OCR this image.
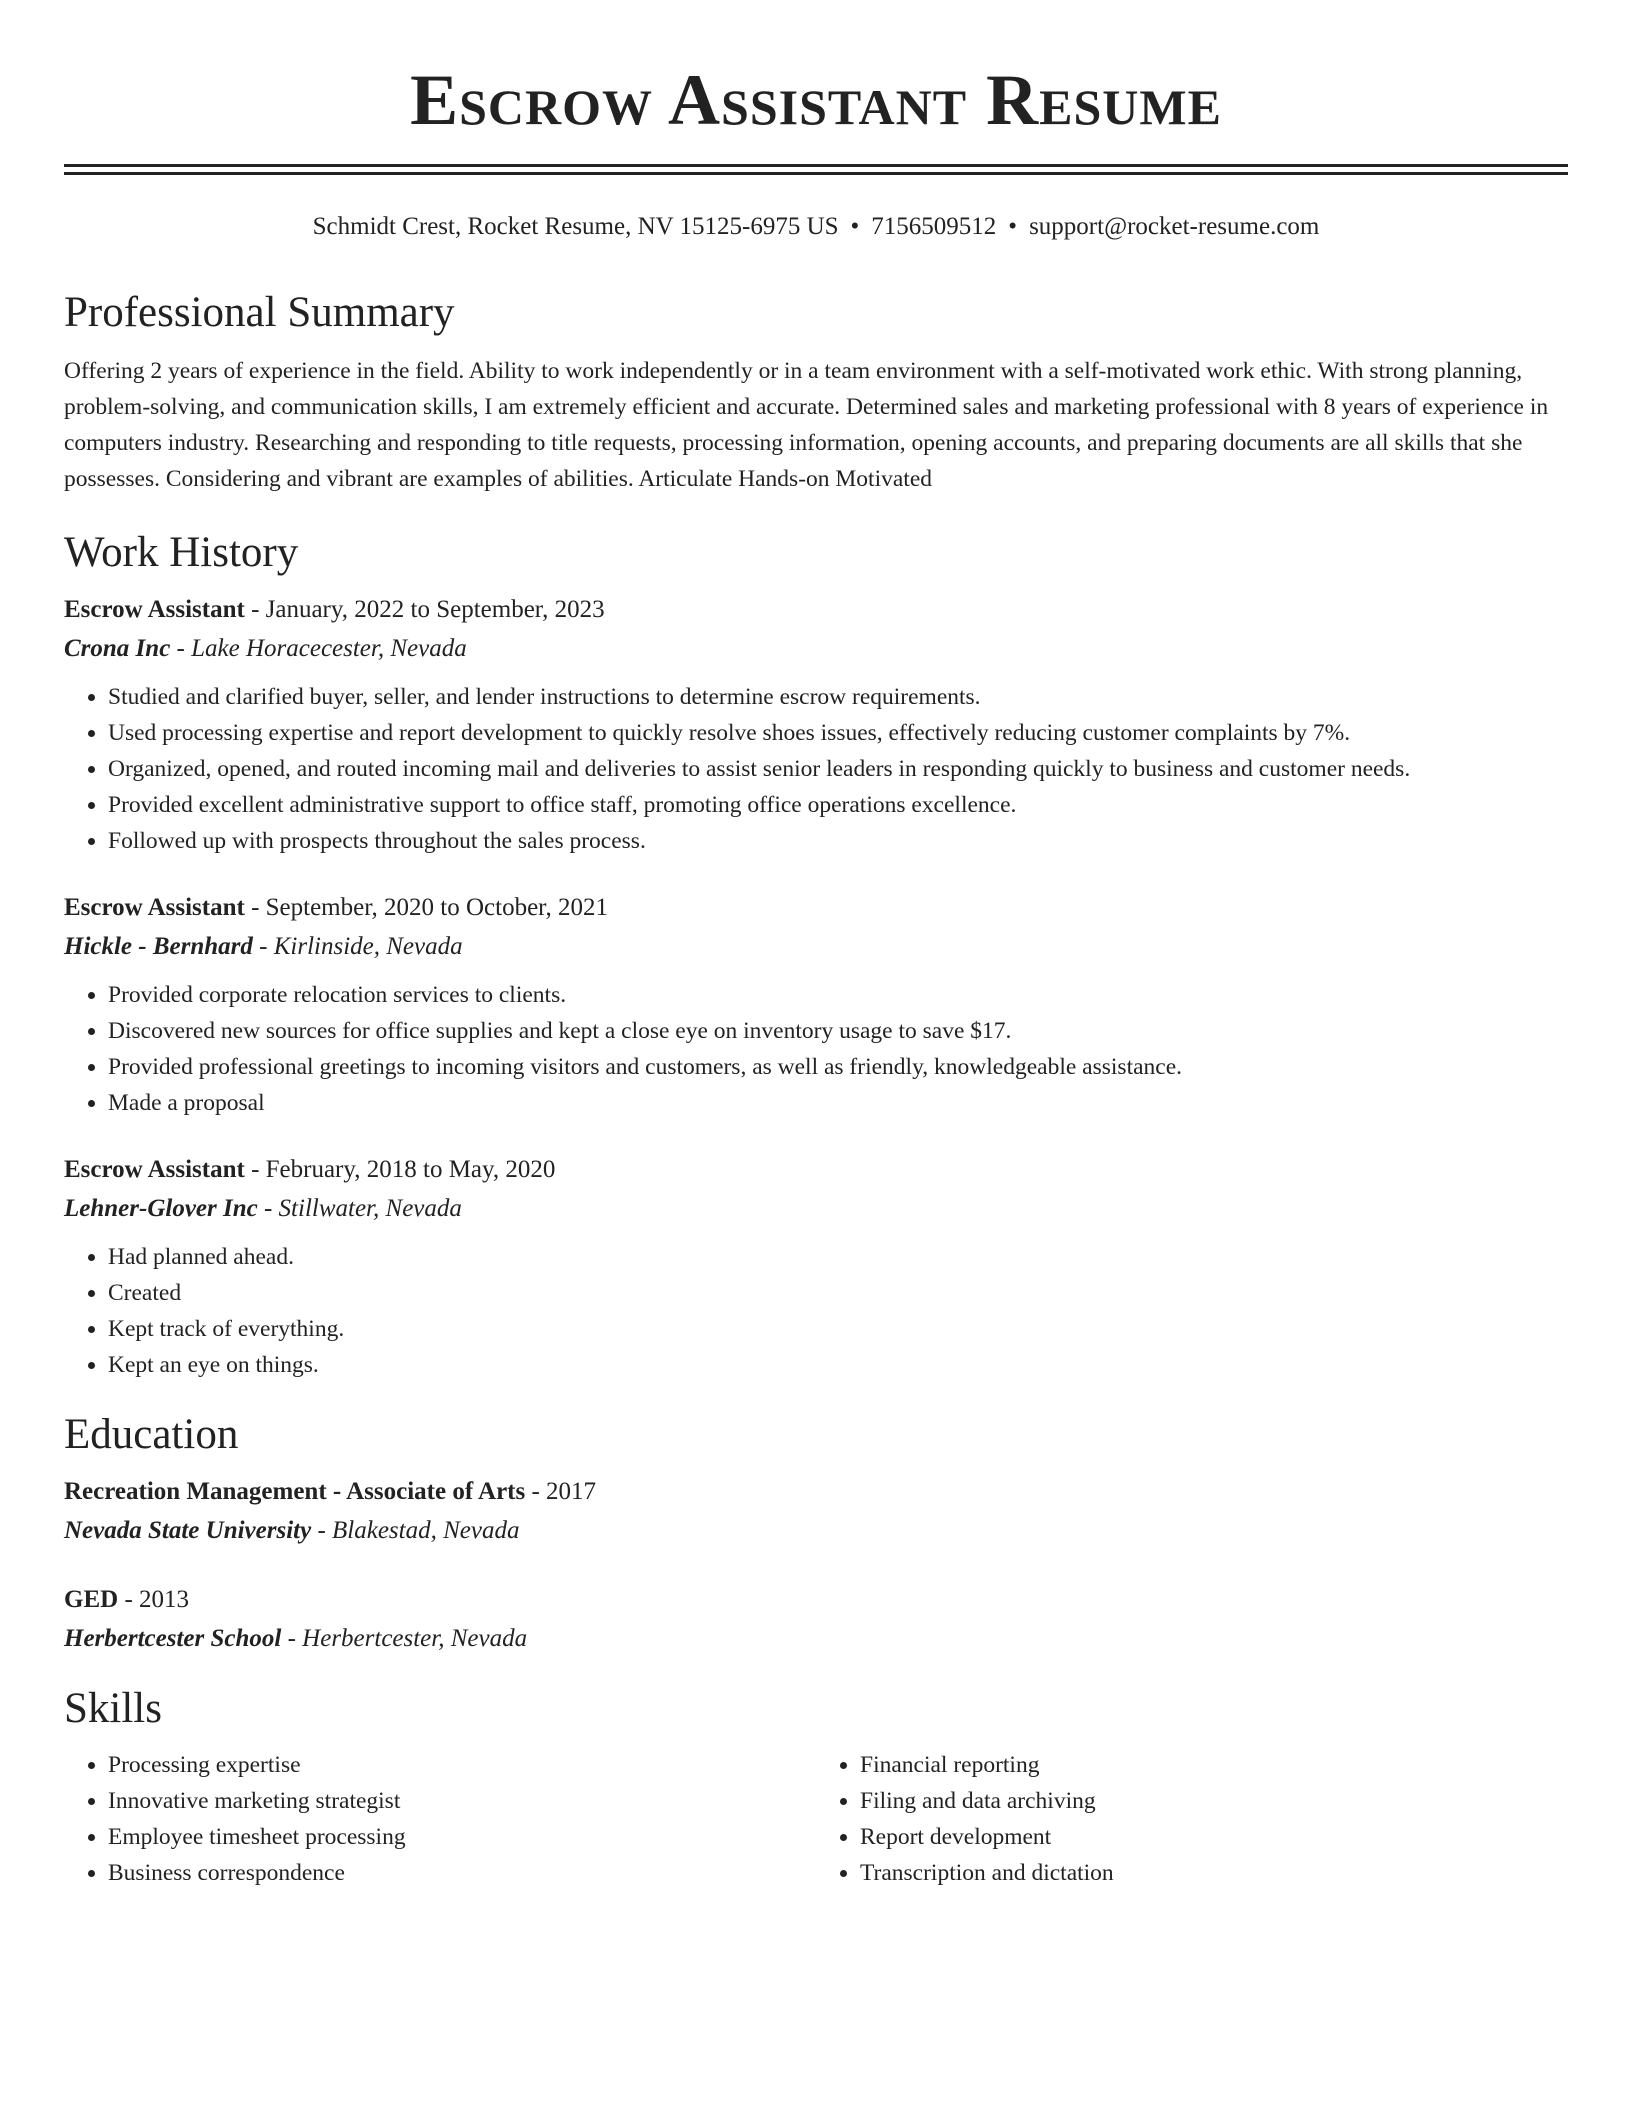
Escrow Assistant Resume
Schmidt Crest, Rocket Resume, NV 15125-6975 US • 7156509512 • support@rocket-resume.com
Professional Summary
Offering 2 years of experience in the field. Ability to work independently or in a team environment with a self-motivated work ethic. With strong planning, problem-solving, and communication skills, I am extremely efficient and accurate. Determined sales and marketing professional with 8 years of experience in computers industry. Researching and responding to title requests, processing information, opening accounts, and preparing documents are all skills that she possesses. Considering and vibrant are examples of abilities. Articulate Hands-on Motivated
Work History
Escrow Assistant - January, 2022 to September, 2023
Crona Inc - Lake Horacecester, Nevada
• Studied and clarified buyer, seller, and lender instructions to determine escrow requirements.
• Used processing expertise and report development to quickly resolve shoes issues, effectively reducing customer complaints by 7%.
• Organized, opened, and routed incoming mail and deliveries to assist senior leaders in responding quickly to business and customer needs.
• Provided excellent administrative support to office staff, promoting office operations excellence.
• Followed up with prospects throughout the sales process.
Escrow Assistant - September, 2020 to October, 2021
Hickle - Bernhard - Kirlinside, Nevada
• Provided corporate relocation services to clients.
• Discovered new sources for office supplies and kept a close eye on inventory usage to save $17.
• Provided professional greetings to incoming visitors and customers, as well as friendly, knowledgeable assistance.
• Made a proposal
Escrow Assistant - February, 2018 to May, 2020
Lehner-Glover Inc - Stillwater, Nevada
• Had planned ahead.
• Created
• Kept track of everything.
• Kept an eye on things.
Education
Recreation Management - Associate of Arts - 2017
Nevada State University - Blakestad, Nevada
GED - 2013
Herbertcester School - Herbertcester, Nevada
Skills
• Processing expertise
• Innovative marketing strategist
• Employee timesheet processing
• Business correspondence
• Financial reporting
• Filing and data archiving
• Report development
• Transcription and dictation
